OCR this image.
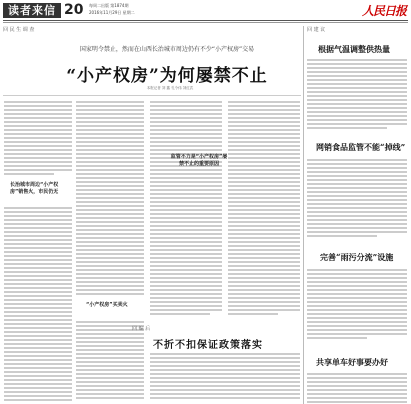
读者来信 20 每周二出版 第1874期
2016年11月29日 星期二	人民日报
回 民 生 调 查
国家明令禁止，然而在山西长治城市周边仍有不少“小产权房”交易
“小产权房”为何屡禁不止
本报记者 刘 鑫 孔令伟 刘红武
长治城市周边“小产权房”销售火，市民仍无
“小产权房”买卖火
监管不力是“小产权房”屡禁不止的重要原因
回 编 后
不折不扣保证政策落实
回 建 议
根据气温调整供热量
网销食品监管不能“掉线”
完善“雨污分流”设施
共享单车好事要办好
